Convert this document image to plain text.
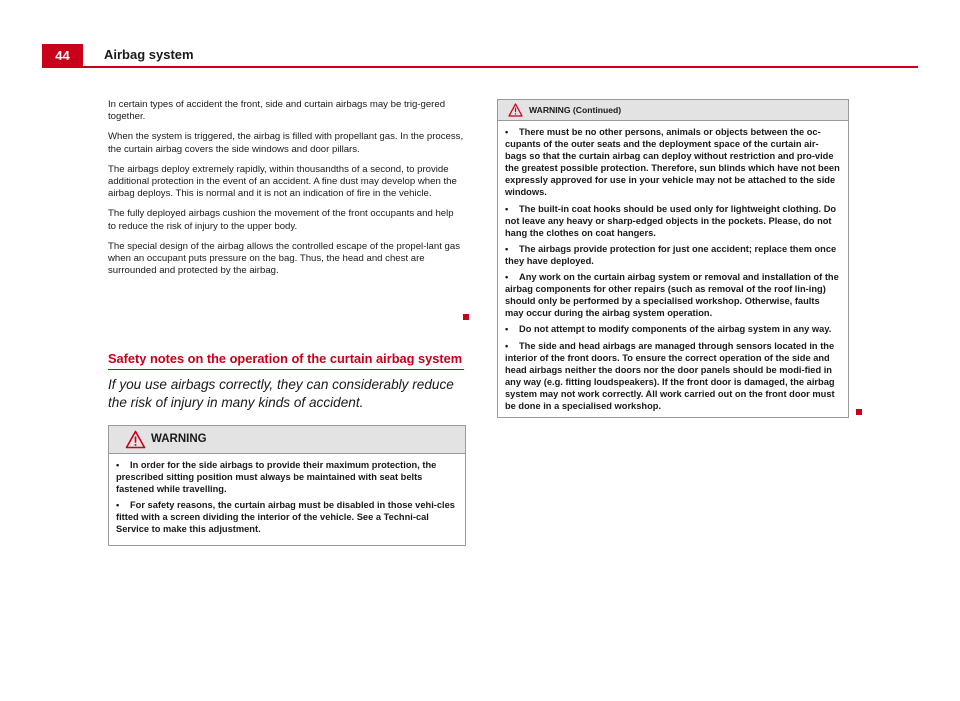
44	Airbag system

In certain types of accident the front, side and curtain airbags may be trig-gered together.

When the system is triggered, the airbag is filled with propellant gas. In the process, the curtain airbag covers the side windows and door pillars.

The airbags deploy extremely rapidly, within thousandths of a second, to provide additional protection in the event of an accident. A fine dust may develop when the airbag deploys. This is normal and it is not an indication of fire in the vehicle.

The fully deployed airbags cushion the movement of the front occupants and help to reduce the risk of injury to the upper body.

The special design of the airbag allows the controlled escape of the propel-lant gas when an occupant puts pressure on the bag. Thus, the head and chest are surrounded and protected by the airbag.

Safety notes on the operation of the curtain airbag system
If you use airbags correctly, they can considerably reduce the risk of injury in many kinds of accident.
WARNING

• In order for the side airbags to provide their maximum protection, the prescribed sitting position must always be maintained with seat belts fastened while travelling.

• For safety reasons, the curtain airbag must be disabled in those vehi-cles fitted with a screen dividing the interior of the vehicle. See a Techni-cal Service to make this adjustment.

WARNING (Continued)

• There must be no other persons, animals or objects between the oc-cupants of the outer seats and the deployment space of the curtain air-bags so that the curtain airbag can deploy without restriction and pro-vide the greatest possible protection. Therefore, sun blinds which have not been expressly approved for use in your vehicle may not be attached to the side windows.

• The built-in coat hooks should be used only for lightweight clothing. Do not leave any heavy or sharp-edged objects in the pockets. Please, do not hang the clothes on coat hangers.

• The airbags provide protection for just one accident; replace them once they have deployed.

• Any work on the curtain airbag system or removal and installation of the airbag components for other repairs (such as removal of the roof lin-ing) should only be performed by a specialised workshop. Otherwise, faults may occur during the airbag system operation.

• Do not attempt to modify components of the airbag system in any way.

• The side and head airbags are managed through sensors located in the interior of the front doors. To ensure the correct operation of the side and head airbags neither the doors nor the door panels should be modi-fied in any way (e.g. fitting loudspeakers). If the front door is damaged, the airbag system may not work correctly. All work carried out on the front door must be done in a specialised workshop.
